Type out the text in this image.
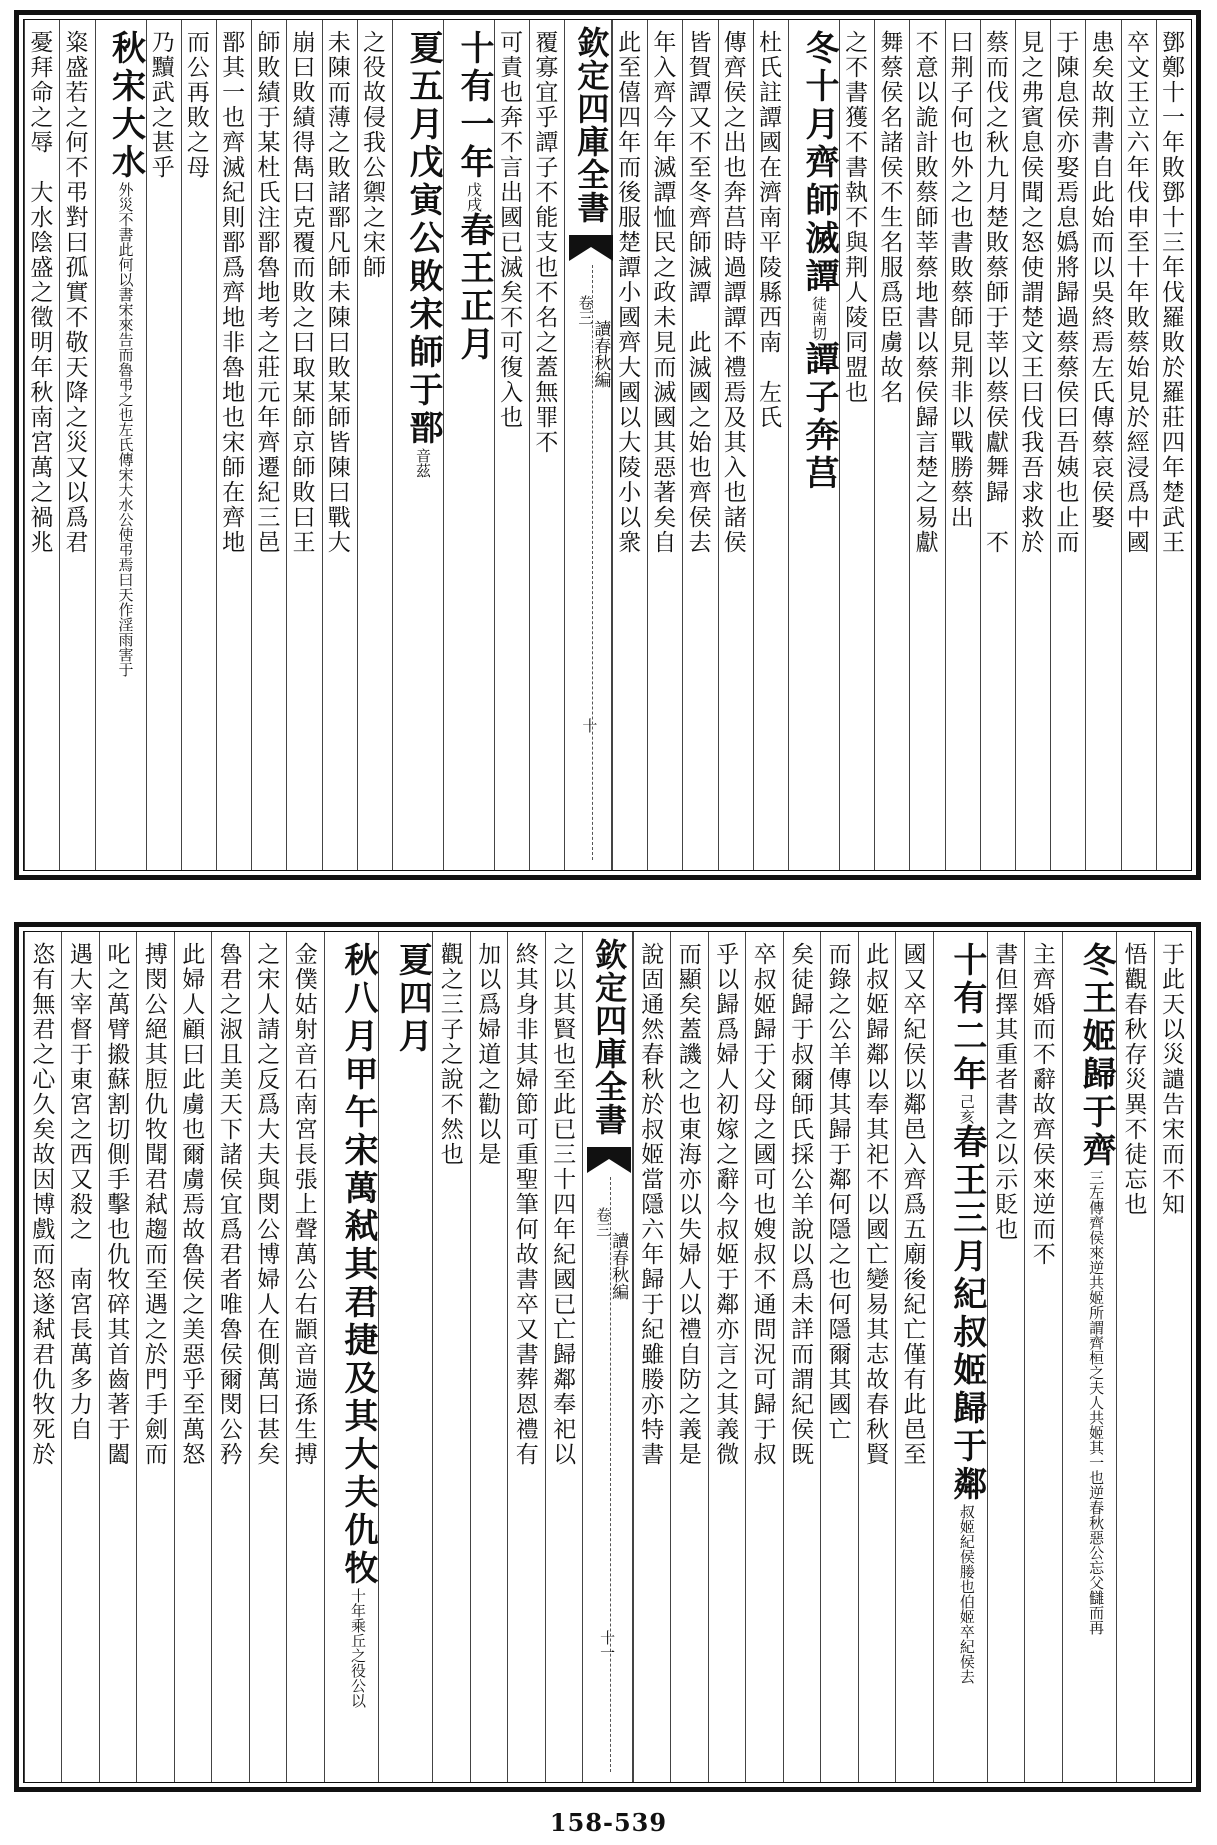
鄧鄭十一年敗鄧十三年伐羅敗於羅莊四年楚武王
卒文王立六年伐申至十年敗蔡始見於經浸爲中國
患矣故荆書自此始而以吳終焉左氏傳蔡哀侯娶
于陳息侯亦娶焉息嬀將歸過蔡蔡侯曰吾姨也止而
見之弗賓息侯聞之怒使謂楚文王曰伐我吾求救於
蔡而伐之秋九月楚敗蔡師于莘以蔡侯獻舞歸　不
曰荆子何也外之也書敗蔡師見荆非以戰勝蔡出
不意以詭計敗蔡師莘蔡地書以蔡侯歸言楚之易獻
舞蔡侯名諸侯不生名服爲臣虜故名
之不書獲不書執不與荆人陵同盟也
冬十月齊師滅譚徒南切譚子奔莒
杜氏註譚國在濟南平陵縣西南　左氏
傳齊侯之出也奔莒時過譚譚不禮焉及其入也諸侯
皆賀譚又不至冬齊師滅譚　此滅國之始也齊侯去
年入齊今年滅譚恤民之政未見而滅國其惡著矣自
此至僖四年而後服楚譚小國齊大國以大陵小以衆
欽定四庫全書
卷三
讀春秋編
十
覆寡宜乎譚子不能支也不名之蓋無罪不
可責也奔不言出國已滅矣不可復入也
十有一年戊戌春王正月
夏五月戊寅公敗宋師于鄑音茲
之役故侵我公禦之宋師
未陳而薄之敗諸鄑凡師未陳曰敗某師皆陳曰戰大
崩曰敗績得雋曰克覆而敗之曰取某師京師敗曰王
師敗績于某杜氏注鄑魯地考之莊元年齊遷紀三邑
鄑其一也齊滅紀則鄑爲齊地非魯地也宋師在齊地
而公再敗之母
乃黷武之甚乎
秋宋大水外災不書此何以書宋來告而魯弔之也左氏傳宋大水公使弔焉曰天作淫雨害于
粢盛若之何不弔對曰孤實不敬天降之災又以爲君
憂拜命之辱　大水陰盛之徵明年秋南宮萬之禍兆
于此天以災譴告宋而不知
悟觀春秋存災異不徒忘也
冬王姬歸于齊三左傳齊侯來逆共姬所謂齊桓之夫人共姬其一也逆春秋惡公忘父讎而再
主齊婚而不辭故齊侯來逆而不
書但擇其重者書之以示貶也
十有二年己亥春王三月紀叔姬歸于鄰叔姬紀侯媵也伯姬卒紀侯去
國又卒紀侯以鄰邑入齊爲五廟後紀亡僅有此邑至
此叔姬歸鄰以奉其祀不以國亡變易其志故春秋賢
而錄之公羊傳其歸于鄰何隱之也何隱爾其國亡
矣徒歸于叔爾師氏採公羊說以爲未詳而謂紀侯既
卒叔姬歸于父母之國可也嫂叔不通問況可歸于叔
乎以歸爲婦人初嫁之辭今叔姬于鄰亦言之其義微
而顯矣蓋譏之也東海亦以失婦人以禮自防之義是
說固通然春秋於叔姬當隱六年歸于紀雖媵亦特書
欽定四庫全書
卷三
讀春秋編
十一
之以其賢也至此已三十四年紀國已亡歸鄰奉祀以
終其身非其婦節可重聖筆何故書卒又書葬恩禮有
加以爲婦道之勸以是
觀之三子之說不然也
夏四月
秋八月甲午宋萬弒其君捷及其大夫仇牧十年乘丘之役公以
金僕姑射音石南宮長張上聲萬公右顓音遄孫生搏
之宋人請之反爲大夫與閔公博婦人在側萬曰甚矣
魯君之淑且美天下諸侯宜爲君者唯魯侯爾閔公矜
此婦人顧曰此虜也爾虜焉故魯侯之美惡乎至萬怒
搏閔公絕其脰仇牧聞君弒趨而至遇之於門手劍而
叱之萬臂摋蘇割切側手擊也仇牧碎其首齒著于闔
遇大宰督于東宮之西又殺之　南宮長萬多力自
恣有無君之心久矣故因博戲而怒遂弒君仇牧死於
158-539
